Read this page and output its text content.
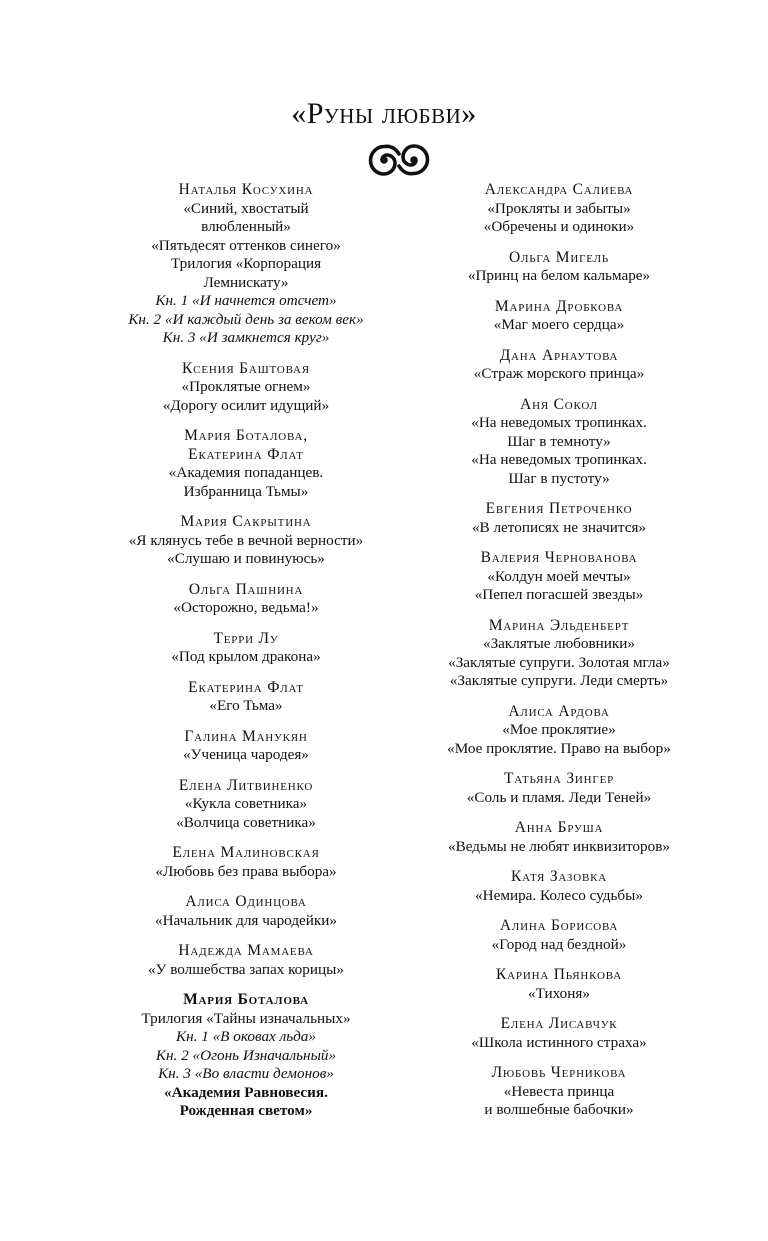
«Руны любви»
Наталья Косухина
«Синий, хвостатый
влюбленный»
«Пятьдесят оттенков синего»
Трилогия «Корпорация
Лемнискату»
Кн. 1 «И начнется отсчет»
Кн. 2 «И каждый день за веком век»
Кн. 3 «И замкнется круг»
Ксения Баштовая
«Проклятые огнем»
«Дорогу осилит идущий»
Мария Боталова,
Екатерина Флат
«Академия попаданцев.
Избранница Тьмы»
Мария Сакрытина
«Я клянусь тебе в вечной верности»
«Слушаю и повинуюсь»
Ольга Пашнина
«Осторожно, ведьма!»
Терри Лу
«Под крылом дракона»
Екатерина Флат
«Его Тьма»
Галина Манукян
«Ученица чародея»
Елена Литвиненко
«Кукла советника»
«Волчица советника»
Елена Малиновская
«Любовь без права выбора»
Алиса Одинцова
«Начальник для чародейки»
Надежда Мамаева
«У волшебства запах корицы»
Мария Боталова
Трилогия «Тайны изначальных»
Кн. 1 «В оковах льда»
Кн. 2 «Огонь Изначальный»
Кн. 3 «Во власти демонов»
«Академия Равновесия.
Рожденная светом»
Александра Салиева
«Прокляты и забыты»
«Обречены и одиноки»
Ольга Мигель
«Принц на белом кальмаре»
Марина Дробкова
«Маг моего сердца»
Дана Арнаутова
«Страж морского принца»
Аня Сокол
«На неведомых тропинках.
Шаг в темноту»
«На неведомых тропинках.
Шаг в пустоту»
Евгения Петроченко
«В летописях не значится»
Валерия Чернованова
«Колдун моей мечты»
«Пепел погасшей звезды»
Марина Эльденберт
«Заклятые любовники»
«Заклятые супруги. Золотая мгла»
«Заклятые супруги. Леди смерть»
Алиса Ардова
«Мое проклятие»
«Мое проклятие. Право на выбор»
Татьяна Зингер
«Соль и пламя. Леди Теней»
Анна Бруша
«Ведьмы не любят инквизиторов»
Катя Зазовка
«Немира. Колесо судьбы»
Алина Борисова
«Город над бездной»
Карина Пьянкова
«Тихоня»
Елена Лисавчук
«Школа истинного страха»
Любовь Черникова
«Невеста принца
и волшебные бабочки»
